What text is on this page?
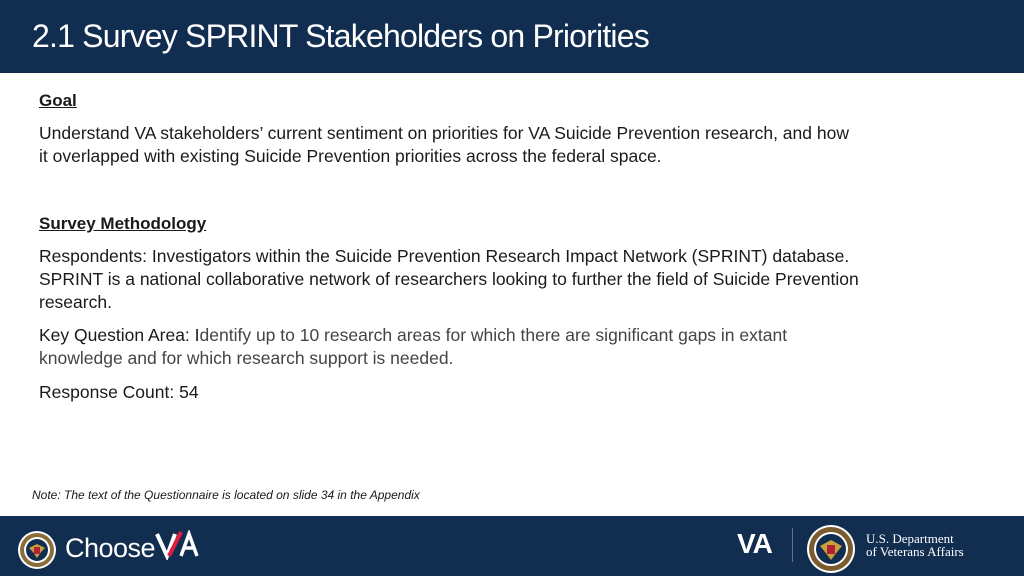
2.1 Survey SPRINT Stakeholders on Priorities
Goal
Understand VA stakeholders’ current sentiment on priorities for VA Suicide Prevention research, and how
it overlapped with existing Suicide Prevention priorities across the federal space.
Survey Methodology
Respondents: Investigators within the Suicide Prevention Research Impact Network (SPRINT) database.
SPRINT is a national collaborative network of researchers looking to further the field of Suicide Prevention
research.
Key Question Area: Identify up to 10 research areas for which there are significant gaps in extant
knowledge and for which research support is needed.
Response Count: 54
Note: The text of the Questionnaire is located on slide 34 in the Appendix
Choose	VA	U.S. Department
of Veterans Affairs
